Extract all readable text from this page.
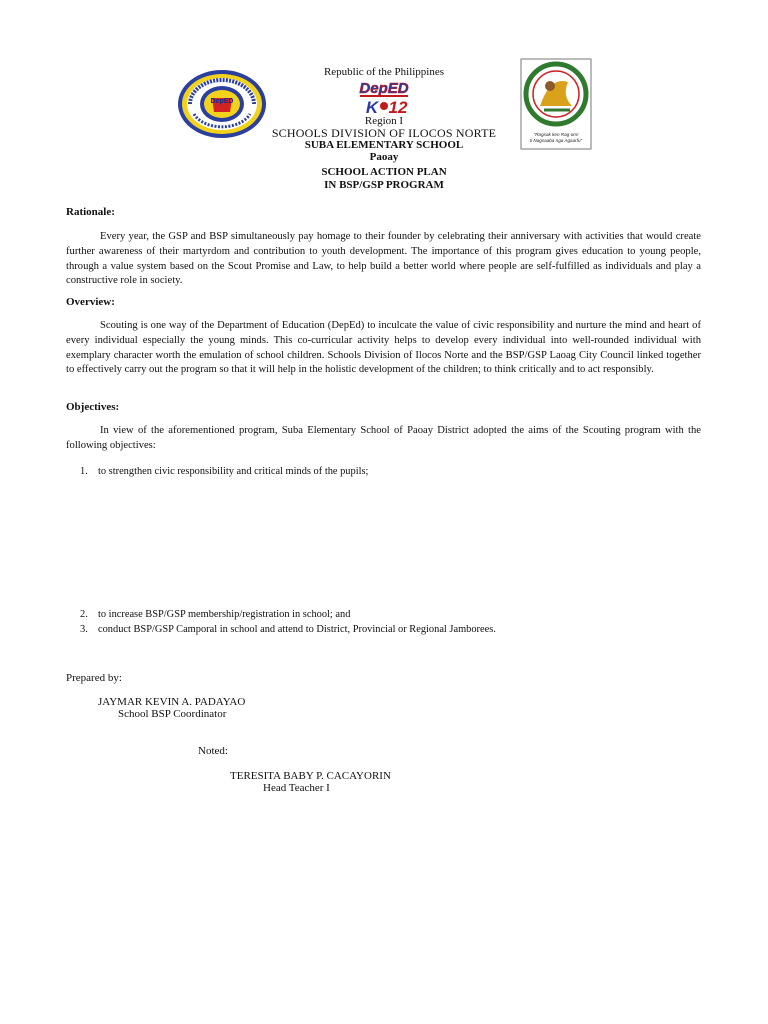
DepED
"Ragsak ken Rag-om!
ti Nagsaaba nga Agaarfu"
Republic of the Philippines
DepED
K 12
Region I
SCHOOLS DIVISION OF ILOCOS NORTE
SUBA ELEMENTARY SCHOOL
Paoay
SCHOOL ACTION PLAN
IN BSP/GSP PROGRAM
Rationale:
Every year, the GSP and BSP simultaneously pay homage to their founder by celebrating their anniversary with activities that would create further awareness of their martyrdom and contribution to youth development. The importance of this program gives education to young people, through a value system based on the Scout Promise and Law, to help build a better world where people are self-fulfilled as individuals and play a constructive role in society.
Overview:
Scouting is one way of the Department of Education (DepEd) to inculcate the value of civic responsibility and nurture the mind and heart of every individual especially the young minds. This co-curricular activity helps to develop every individual into well-rounded individual with exemplary character worth the emulation of school children. Schools Division of Ilocos Norte and the BSP/GSP Laoag City Council linked together to effectively carry out the program so that it will help in the holistic development of the children; to think critically and to act responsibly.
Objectives:
In view of the aforementioned program, Suba Elementary School of Paoay District adopted the aims of the Scouting program with the following objectives:
1. to strengthen civic responsibility and critical minds of the pupils;
2. to increase BSP/GSP membership/registration in school; and
3. conduct BSP/GSP Camporal in school and attend to District, Provincial or Regional Jamborees.
Prepared by:
JAYMAR KEVIN A. PADAYAO
School BSP Coordinator
Noted:
TERESITA BABY P. CACAYORIN
Head Teacher I
